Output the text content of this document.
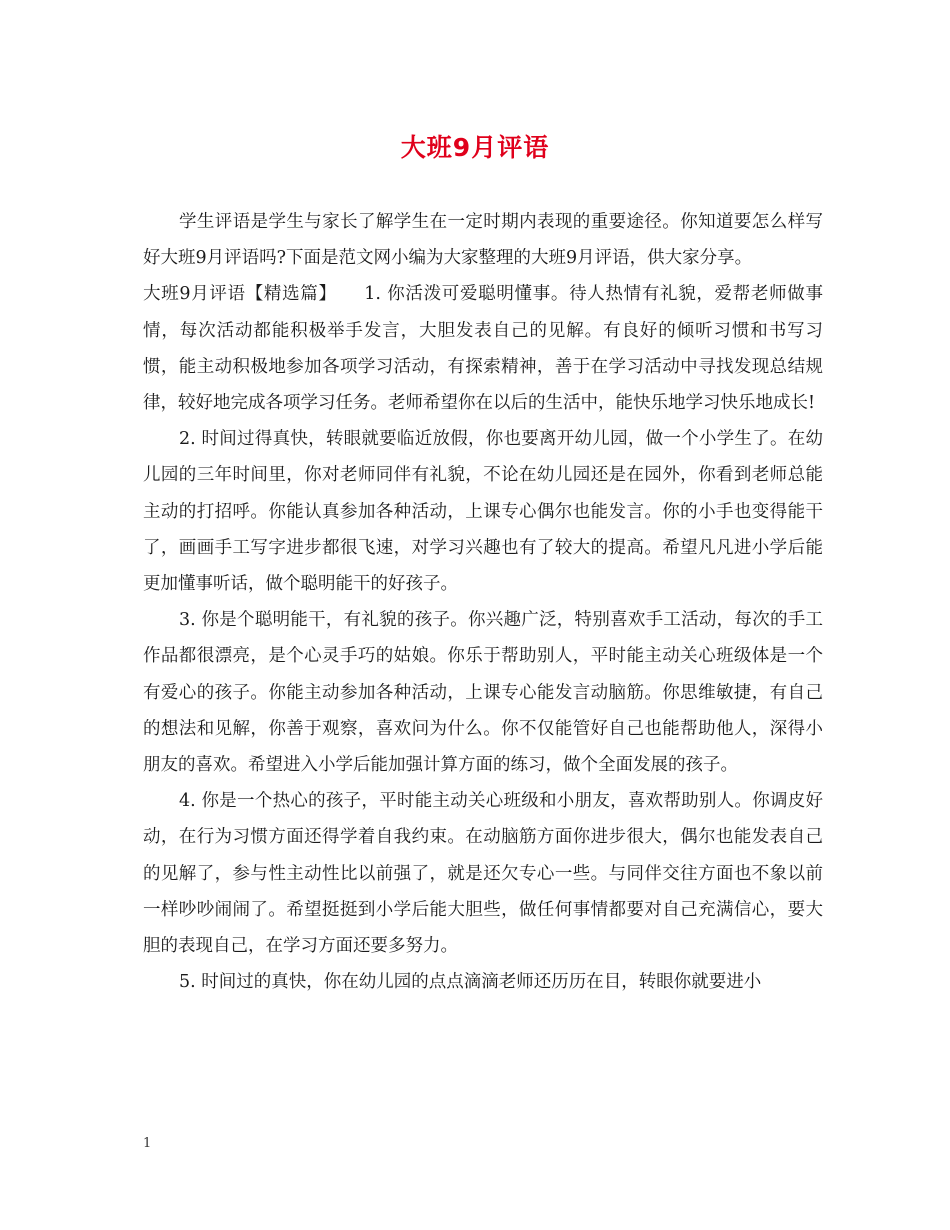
大班9月评语

学生评语是学生与家长了解学生在一定时期内表现的重要途径。你知道要怎么样写好大班9月评语吗?下面是范文网小编为大家整理的大班9月评语，供大家分享。

大班9月评语【精选篇】　　1. 你活泼可爱聪明懂事。待人热情有礼貌，爱帮老师做事情，每次活动都能积极举手发言，大胆发表自己的见解。有良好的倾听习惯和书写习惯，能主动积极地参加各项学习活动，有探索精神，善于在学习活动中寻找发现总结规律，较好地完成各项学习任务。老师希望你在以后的生活中，能快乐地学习快乐地成长!

2. 时间过得真快，转眼就要临近放假，你也要离开幼儿园，做一个小学生了。在幼儿园的三年时间里，你对老师同伴有礼貌，不论在幼儿园还是在园外，你看到老师总能主动的打招呼。你能认真参加各种活动，上课专心偶尔也能发言。你的小手也变得能干了，画画手工写字进步都很飞速，对学习兴趣也有了较大的提高。希望凡凡进小学后能更加懂事听话，做个聪明能干的好孩子。

3. 你是个聪明能干，有礼貌的孩子。你兴趣广泛，特别喜欢手工活动，每次的手工作品都很漂亮，是个心灵手巧的姑娘。你乐于帮助别人，平时能主动关心班级体是一个有爱心的孩子。你能主动参加各种活动，上课专心能发言动脑筋。你思维敏捷，有自己的想法和见解，你善于观察，喜欢问为什么。你不仅能管好自己也能帮助他人，深得小朋友的喜欢。希望进入小学后能加强计算方面的练习，做个全面发展的孩子。

4. 你是一个热心的孩子，平时能主动关心班级和小朋友，喜欢帮助别人。你调皮好动，在行为习惯方面还得学着自我约束。在动脑筋方面你进步很大，偶尔也能发表自己的见解了，参与性主动性比以前强了，就是还欠专心一些。与同伴交往方面也不象以前一样吵吵闹闹了。希望挺挺到小学后能大胆些，做任何事情都要对自己充满信心，要大胆的表现自己，在学习方面还要多努力。

5. 时间过的真快，你在幼儿园的点点滴滴老师还历历在目，转眼你就要进小

1
